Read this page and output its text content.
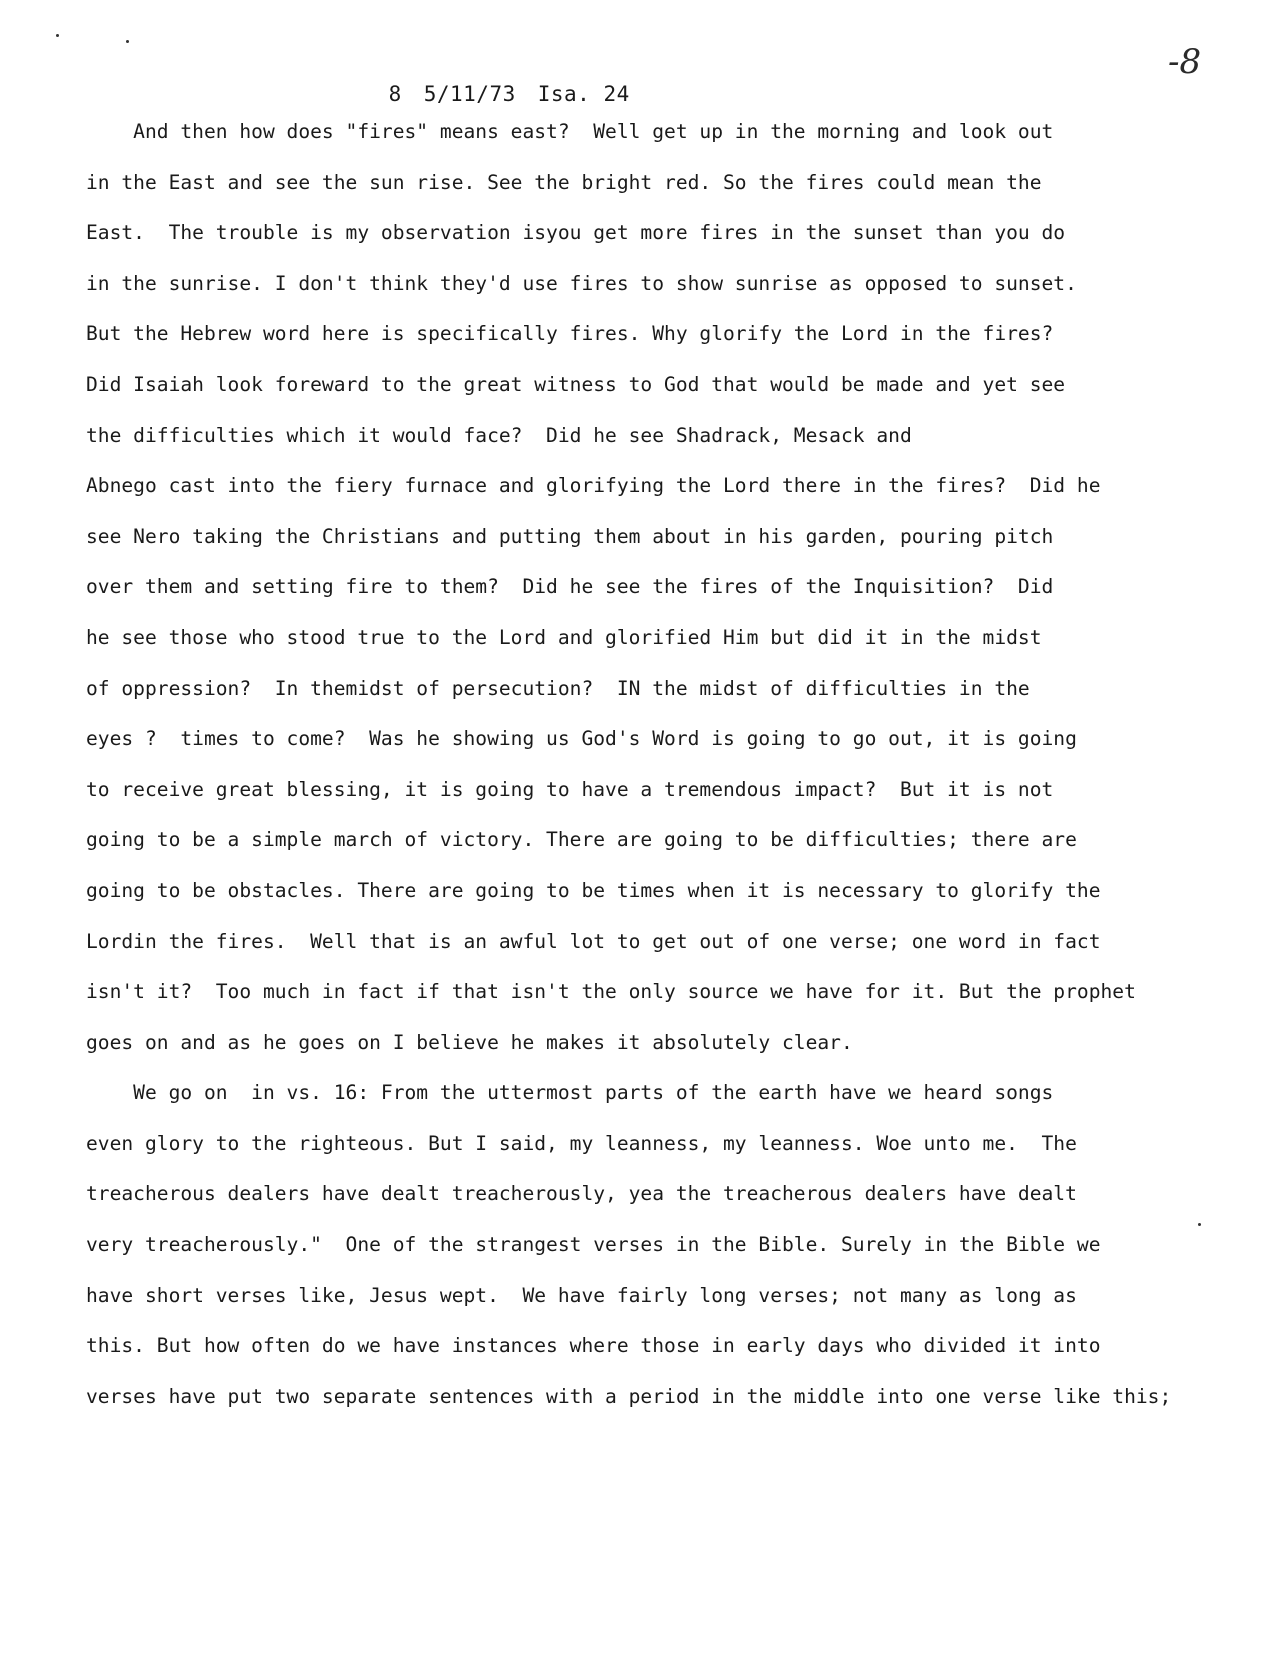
8 5/11/73 Isa. 24

-8
And then how does "fires" means east?  Well get up in the morning and look out
in the East and see the sun rise. See the bright red. So the fires could mean the
East.  The trouble is my observation isyou get more fires in the sunset than you do
in the sunrise. I don't think they'd use fires to show sunrise as opposed to sunset.
But the Hebrew word here is specifically fires. Why glorify the Lord in the fires?
Did Isaiah look foreward to the great witness to God that would be made and yet see
the difficulties which it would face?  Did he see Shadrack, Mesack and
Abnego cast into the fiery furnace and glorifying the Lord there in the fires?  Did he
see Nero taking the Christians and putting them about in his garden, pouring pitch
over them and setting fire to them?  Did he see the fires of the Inquisition?  Did
he see those who stood true to the Lord and glorified Him but did it in the midst
of oppression?  In themidst of persecution?  IN the midst of difficulties in the
eyes ?  times to come?  Was he showing us God's Word is going to go out, it is going
to receive great blessing, it is going to have a tremendous impact?  But it is not
going to be a simple march of victory. There are going to be difficulties; there are
going to be obstacles. There are going to be times when it is necessary to glorify the
Lordin the fires.  Well that is an awful lot to get out of one verse; one word in fact
isn't it?  Too much in fact if that isn't the only source we have for it. But the prophet
goes on and as he goes on I believe he makes it absolutely clear.
We go on  in vs. 16: From the uttermost parts of the earth have we heard songs
even glory to the righteous. But I said, my leanness, my leanness. Woe unto me.  The
treacherous dealers have dealt treacherously, yea the treacherous dealers have dealt
very treacherously."  One of the strangest verses in the Bible. Surely in the Bible we
have short verses like, Jesus wept.  We have fairly long verses; not many as long as
this. But how often do we have instances where those in early days who divided it into
verses have put two separate sentences with a period in the middle into one verse like this;
